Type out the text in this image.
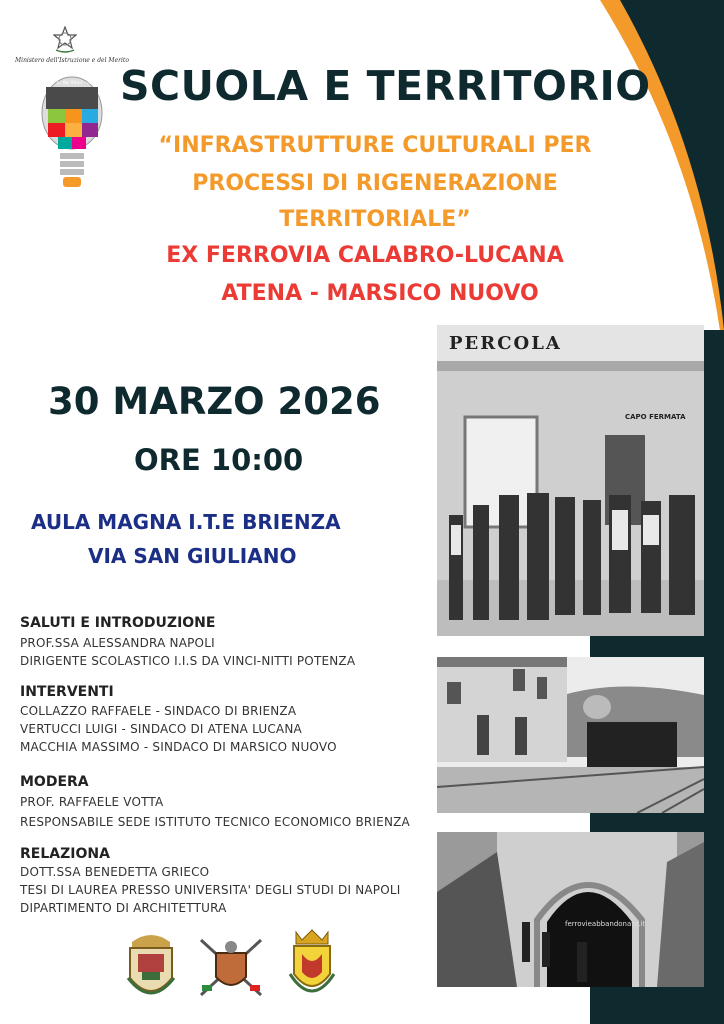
Ministero dell'Istruzione e del Merito
I.I.S. L. da Vinci - Nitti Potenza SCUOLA E TERRITORIO
“INFRASTRUTTURE CULTURALI PER
PROCESSI DI RIGENERAZIONE
TERRITORIALE”
EX FERROVIA CALABRO-LUCANA
ATENA - MARSICO NUOVO
30 MARZO 2026
ORE 10:00
AULA MAGNA I.T.E BRIENZA
VIA SAN GIULIANO
SALUTI E INTRODUZIONE
PROF.SSA ALESSANDRA NAPOLI
DIRIGENTE SCOLASTICO I.I.S DA VINCI-NITTI POTENZA
INTERVENTI
COLLAZZO RAFFAELE - SINDACO DI BRIENZA
VERTUCCI LUIGI - SINDACO DI ATENA LUCANA
MACCHIA MASSIMO - SINDACO DI MARSICO NUOVO
MODERA
PROF. RAFFAELE VOTTA
RESPONSABILE SEDE ISTITUTO TECNICO ECONOMICO BRIENZA
RELAZIONA
DOTT.SSA BENEDETTA GRIECO
TESI DI LAUREA PRESSO UNIVERSITA' DEGLI STUDI DI NAPOLI
DIPARTIMENTO DI ARCHITETTURA
PERCOLA
CAPO FERMATA
ferrovieabbandonate.it
